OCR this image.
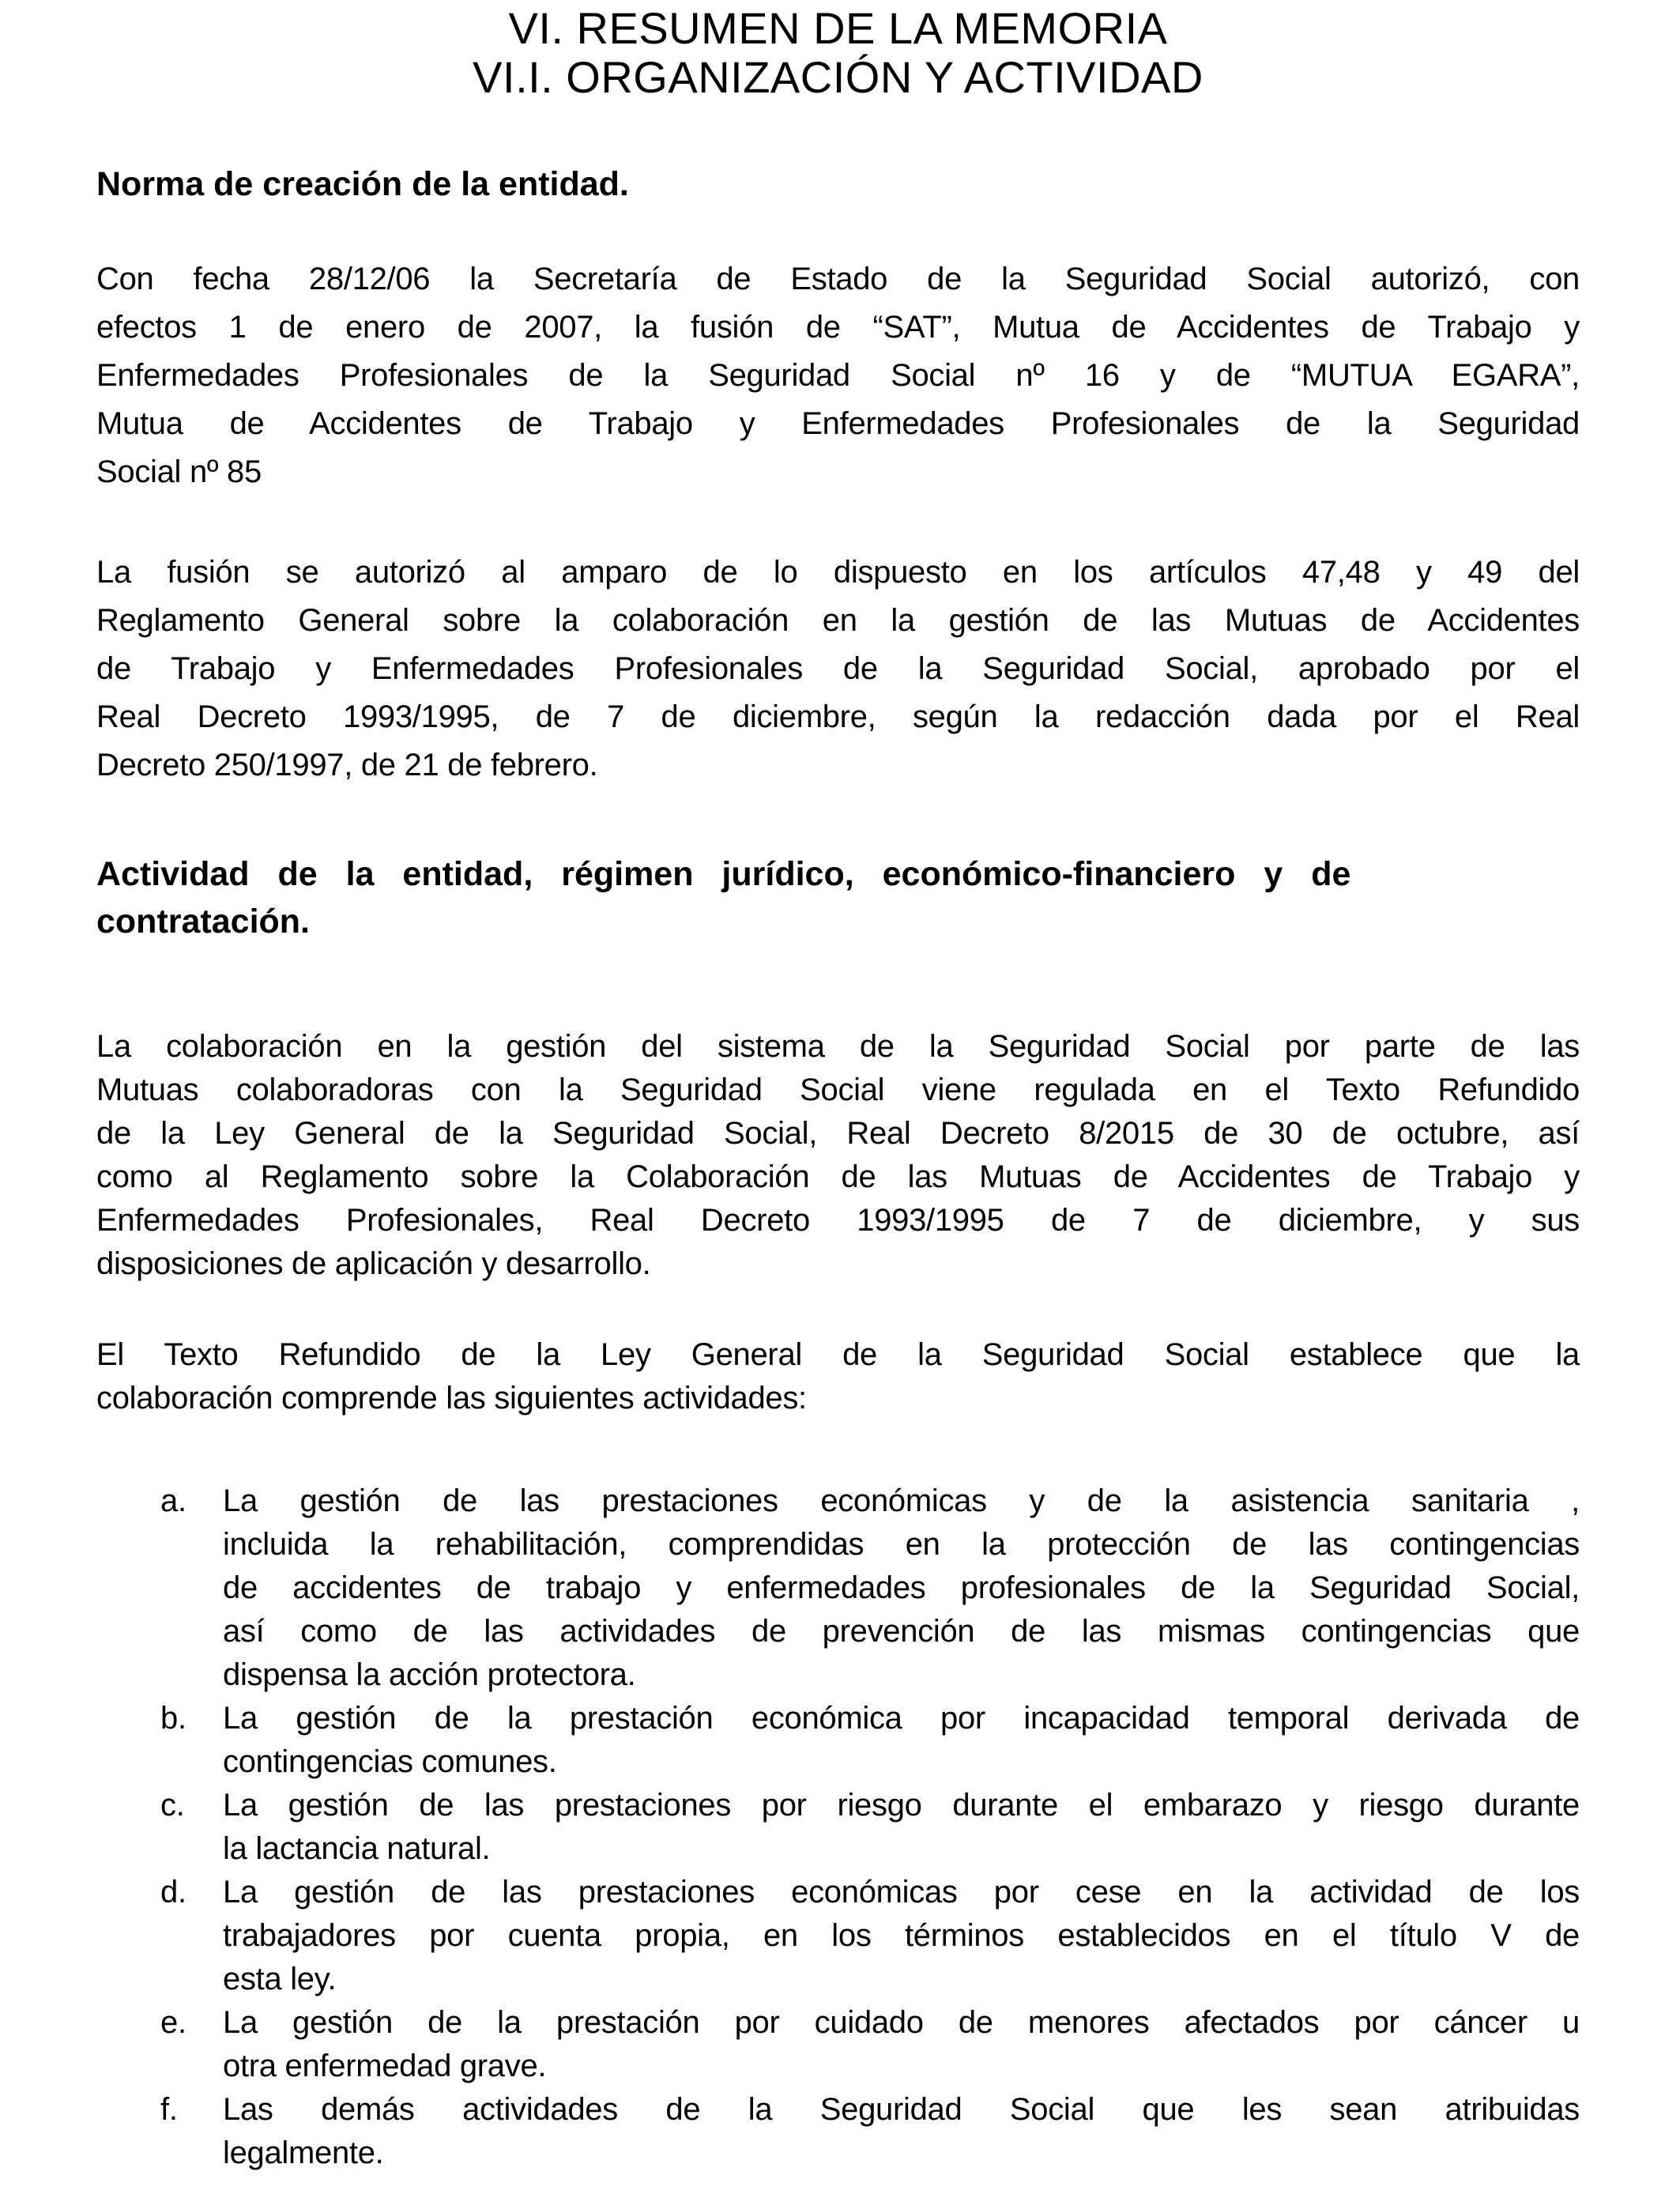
VI. RESUMEN DE LA MEMORIA
VI.I. ORGANIZACIÓN Y ACTIVIDAD
Norma de creación de la entidad.
Con fecha 28/12/06 la Secretaría de Estado de la Seguridad Social autorizó, con
efectos 1 de enero de 2007, la fusión de “SAT”, Mutua de Accidentes de Trabajo y
Enfermedades Profesionales de la Seguridad Social nº 16 y de “MUTUA EGARA”,
Mutua de Accidentes de Trabajo y Enfermedades Profesionales de la Seguridad
Social nº 85
La fusión se autorizó al amparo de lo dispuesto en los artículos 47,48 y 49 del
Reglamento General sobre la colaboración en la gestión de las Mutuas de Accidentes
de Trabajo y Enfermedades Profesionales de la Seguridad Social, aprobado por el
Real Decreto 1993/1995, de 7 de diciembre, según la redacción dada por el Real
Decreto 250/1997, de 21 de febrero.
Actividad de la entidad, régimen jurídico, económico-financiero y de
contratación.
La colaboración en la gestión del sistema de la Seguridad Social por parte de las
Mutuas colaboradoras con la Seguridad Social viene regulada en el Texto Refundido
de la Ley General de la Seguridad Social, Real Decreto 8/2015 de 30 de octubre, así
como al Reglamento sobre la Colaboración de las Mutuas de Accidentes de Trabajo y
Enfermedades Profesionales, Real Decreto 1993/1995 de 7 de diciembre, y sus
disposiciones de aplicación y desarrollo.
El Texto Refundido de la Ley General de la Seguridad Social establece que la
colaboración comprende las siguientes actividades:
a.	La gestión de las prestaciones económicas y de la asistencia sanitaria ,
incluida la rehabilitación, comprendidas en la protección de las contingencias
de accidentes de trabajo y enfermedades profesionales de la Seguridad Social,
así como de las actividades de prevención de las mismas contingencias que
dispensa la acción protectora.
b.	La gestión de la prestación económica por incapacidad temporal derivada de
contingencias comunes.
c.	La gestión de las prestaciones por riesgo durante el embarazo y riesgo durante
la lactancia natural.
d.	La gestión de las prestaciones económicas por cese en la actividad de los
trabajadores por cuenta propia, en los términos establecidos en el título V de
esta ley.
e.	La gestión de la prestación por cuidado de menores afectados por cáncer u
otra enfermedad grave.
f.	Las demás actividades de la Seguridad Social que les sean atribuidas
legalmente.
